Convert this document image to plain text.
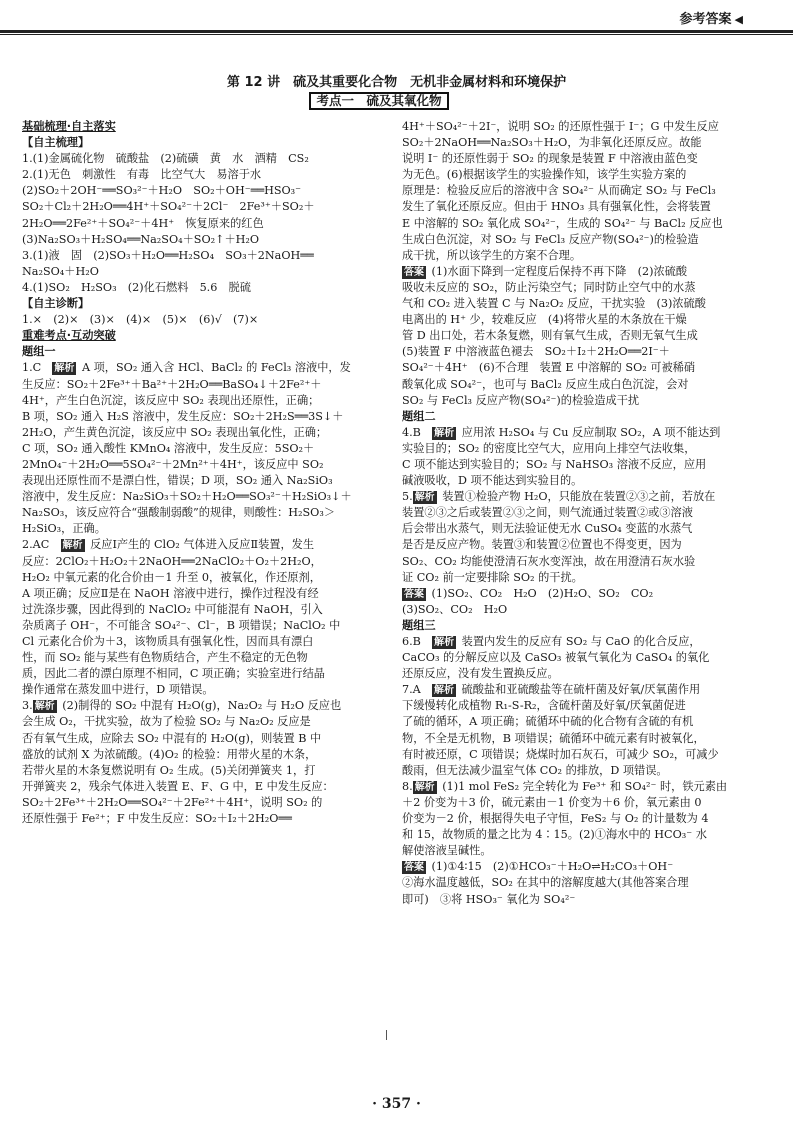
参考答案 ◀
第 12 讲　硫及其重要化合物　无机非金属材料和环境保护
考点一　硫及其氧化物

基础梳理·自主落实

【自主梳理】

1.(1)金属硫化物　硫酸盐　(2)硫磺　黄　水　酒精　CS₂

2.(1)无色　刺激性　有毒　比空气大　易溶于水

(2)SO₂＋2OH⁻══SO₃²⁻＋H₂O　SO₂＋OH⁻══HSO₃⁻

SO₂＋Cl₂＋2H₂O══4H⁺＋SO₄²⁻＋2Cl⁻　2Fe³⁺＋SO₂＋

2H₂O══2Fe²⁺＋SO₄²⁻＋4H⁺　恢复原来的红色

(3)Na₂SO₃＋H₂SO₄══Na₂SO₄＋SO₂↑＋H₂O

3.(1)液　固　(2)SO₃＋H₂O══H₂SO₄　SO₃＋2NaOH══

Na₂SO₄＋H₂O

4.(1)SO₂　H₂SO₃　(2)化石燃料　5.6　脱硫

【自主诊断】

1.×　(2)×　(3)×　(4)×　(5)×　(6)√　(7)×

重难考点·互动突破

题组一

1.C　解析 A 项，SO₂ 通入含 HCl、BaCl₂ 的 FeCl₃ 溶液中，发

生反应：SO₂＋2Fe³⁺＋Ba²⁺＋2H₂O══BaSO₄↓＋2Fe²⁺＋

4H⁺，产生白色沉淀，该反应中 SO₂ 表现出还原性，正确；

B 项，SO₂ 通入 H₂S 溶液中，发生反应：SO₂＋2H₂S══3S↓＋

2H₂O，产生黄色沉淀，该反应中 SO₂ 表现出氧化性，正确；

C 项，SO₂ 通入酸性 KMnO₄ 溶液中，发生反应：5SO₂＋

2MnO₄⁻＋2H₂O══5SO₄²⁻＋2Mn²⁺＋4H⁺，该反应中 SO₂

表现出还原性而不是漂白性，错误；D 项，SO₂ 通入 Na₂SiO₃

溶液中，发生反应：Na₂SiO₃＋SO₂＋H₂O══SO₃²⁻＋H₂SiO₃↓＋

Na₂SO₃，该反应符合“强酸制弱酸”的规律，则酸性：H₂SO₃＞

H₂SiO₃，正确。

2.AC　解析 反应Ⅰ产生的 ClO₂ 气体进入反应Ⅱ装置，发生

反应：2ClO₂＋H₂O₂＋2NaOH══2NaClO₂＋O₂＋2H₂O，

H₂O₂ 中氧元素的化合价由－1 升至 0，被氧化，作还原剂，

A 项正确；反应Ⅱ是在 NaOH 溶液中进行，操作过程没有经

过洗涤步骤，因此得到的 NaClO₂ 中可能混有 NaOH，引入

杂质离子 OH⁻，不可能含 SO₄²⁻、Cl⁻，B 项错误；NaClO₂ 中

Cl 元素化合价为＋3，该物质具有强氧化性，因而具有漂白

性，而 SO₂ 能与某些有色物质结合，产生不稳定的无色物

质，因此二者的漂白原理不相同，C 项正确；实验室进行结晶

操作通常在蒸发皿中进行，D 项错误。

3. 解析 (2)制得的 SO₂ 中混有 H₂O(g)，Na₂O₂ 与 H₂O 反应也

会生成 O₂，干扰实验，故为了检验 SO₂ 与 Na₂O₂ 反应是

否有氧气生成，应除去 SO₂ 中混有的 H₂O(g)，则装置 B 中

盛放的试剂 X 为浓硫酸。(4)O₂ 的检验：用带火星的木条，

若带火星的木条复燃说明有 O₂ 生成。(5)关闭弹簧夹 1，打

开弹簧夹 2，残余气体进入装置 E、F、G 中，E 中发生反应：

SO₂＋2Fe³⁺＋2H₂O══SO₄²⁻＋2Fe²⁺＋4H⁺，说明 SO₂ 的

还原性强于 Fe²⁺；F 中发生反应：SO₂＋I₂＋2H₂O══

4H⁺＋SO₄²⁻＋2I⁻，说明 SO₂ 的还原性强于 I⁻；G 中发生反应

SO₂＋2NaOH══Na₂SO₃＋H₂O，为非氧化还原反应。故能

说明 I⁻ 的还原性弱于 SO₂ 的现象是装置 F 中溶液由蓝色变

为无色。(6)根据该学生的实验操作知，该学生实验方案的

原理是：检验反应后的溶液中含 SO₄²⁻ 从而确定 SO₂ 与 FeCl₃

发生了氧化还原反应。但由于 HNO₃ 具有强氧化性，会将装置

E 中溶解的 SO₂ 氧化成 SO₄²⁻，生成的 SO₄²⁻ 与 BaCl₂ 反应也

生成白色沉淀，对 SO₂ 与 FeCl₃ 反应产物(SO₄²⁻)的检验造

成干扰，所以该学生的方案不合理。

答案 (1)水面下降到一定程度后保持不再下降　(2)浓硫酸

吸收未反应的 SO₂，防止污染空气；同时防止空气中的水蒸

气和 CO₂ 进入装置 C 与 Na₂O₂ 反应，干扰实验　(3)浓硫酸

电离出的 H⁺ 少，较难反应　(4)将带火星的木条放在干燥

管 D 出口处，若木条复燃，则有氧气生成，否则无氧气生成

(5)装置 F 中溶液蓝色褪去　SO₂＋I₂＋2H₂O══2I⁻＋

SO₄²⁻＋4H⁺　(6)不合理　装置 E 中溶解的 SO₂ 可被稀硝

酸氧化成 SO₄²⁻，也可与 BaCl₂ 反应生成白色沉淀，会对

SO₂ 与 FeCl₃ 反应产物(SO₄²⁻)的检验造成干扰

题组二

4.B　解析 应用浓 H₂SO₄ 与 Cu 反应制取 SO₂，A 项不能达到

实验目的；SO₂ 的密度比空气大，应用向上排空气法收集，

C 项不能达到实验目的；SO₂ 与 NaHSO₃ 溶液不反应，应用

碱液吸收，D 项不能达到实验目的。

5. 解析 装置①检验产物 H₂O，只能放在装置②③之前，若放在

装置②③之后或装置②③之间，则气流通过装置②或③溶液

后会带出水蒸气，则无法验证使无水 CuSO₄ 变蓝的水蒸气

是否是反应产物。装置③和装置②位置也不得变更，因为

SO₂、CO₂ 均能使澄清石灰水变浑浊，故在用澄清石灰水验

证 CO₂ 前一定要排除 SO₂ 的干扰。

答案 (1)SO₂、CO₂　H₂O　(2)H₂O、SO₂　CO₂

(3)SO₂、CO₂　H₂O

题组三

6.B　解析 装置内发生的反应有 SO₂ 与 CaO 的化合反应，

CaCO₃ 的分解反应以及 CaSO₃ 被氧气氧化为 CaSO₄ 的氧化

还原反应，没有发生置换反应。

7.A　解析 硫酸盐和亚硫酸盐等在硫杆菌及好氧/厌氧菌作用

下缓慢转化成植物 R₁-S-R₂，含硫杆菌及好氧/厌氧菌促进

了硫的循环，A 项正确；硫循环中硫的化合物有含硫的有机

物，不全是无机物，B 项错误；硫循环中硫元素有时被氧化，

有时被还原，C 项错误；烧煤时加石灰石，可减少 SO₂，可减少

酸雨，但无法减少温室气体 CO₂ 的排放，D 项错误。

8. 解析 (1)1 mol FeS₂ 完全转化为 Fe³⁺ 和 SO₄²⁻ 时，铁元素由

＋2 价变为＋3 价，硫元素由－1 价变为＋6 价，氧元素由 0

价变为－2 价，根据得失电子守恒，FeS₂ 与 O₂ 的计量数为 4

和 15，故物质的量之比为 4∶15。(2)①海水中的 HCO₃⁻ 水

解使溶液呈碱性。

答案 (1)①4∶15　(2)①HCO₃⁻＋H₂O⇌H₂CO₃＋OH⁻

②海水温度越低，SO₂ 在其中的溶解度越大(其他答案合理

即可)　③将 HSO₃⁻ 氧化为 SO₄²⁻

· 357 ·
